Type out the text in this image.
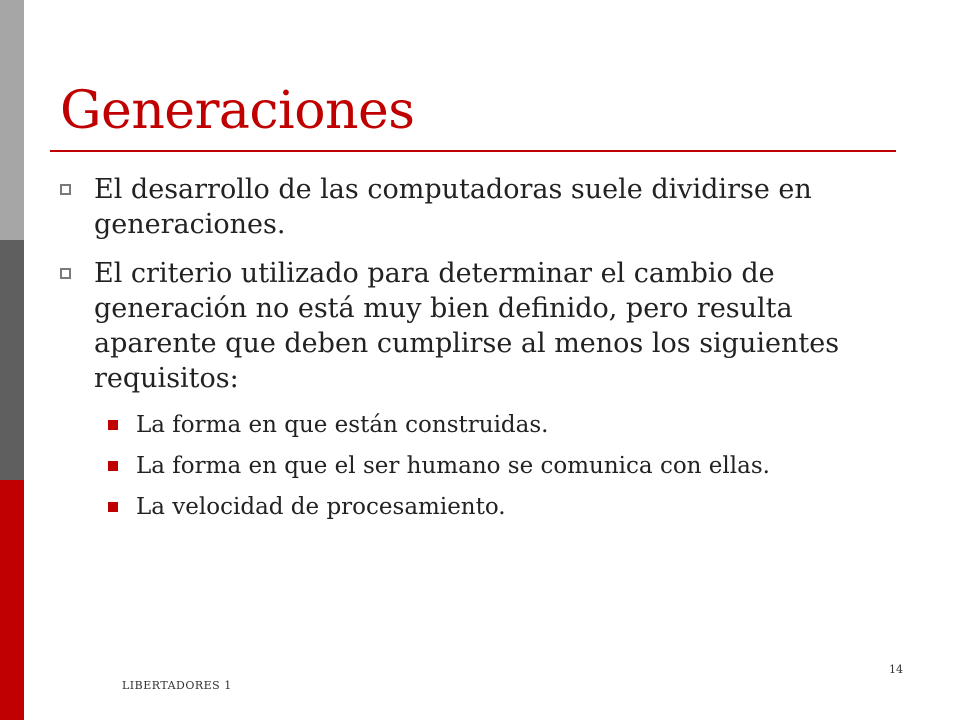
Generaciones
El desarrollo de las computadoras suele dividirse en generaciones.
El criterio utilizado para determinar el cambio de generación no está muy bien definido, pero resulta aparente que deben cumplirse al menos los siguientes requisitos:
La forma en que están construidas.
La forma en que el ser humano se comunica con ellas.
La velocidad de procesamiento.
LIBERTADORES 1
14
